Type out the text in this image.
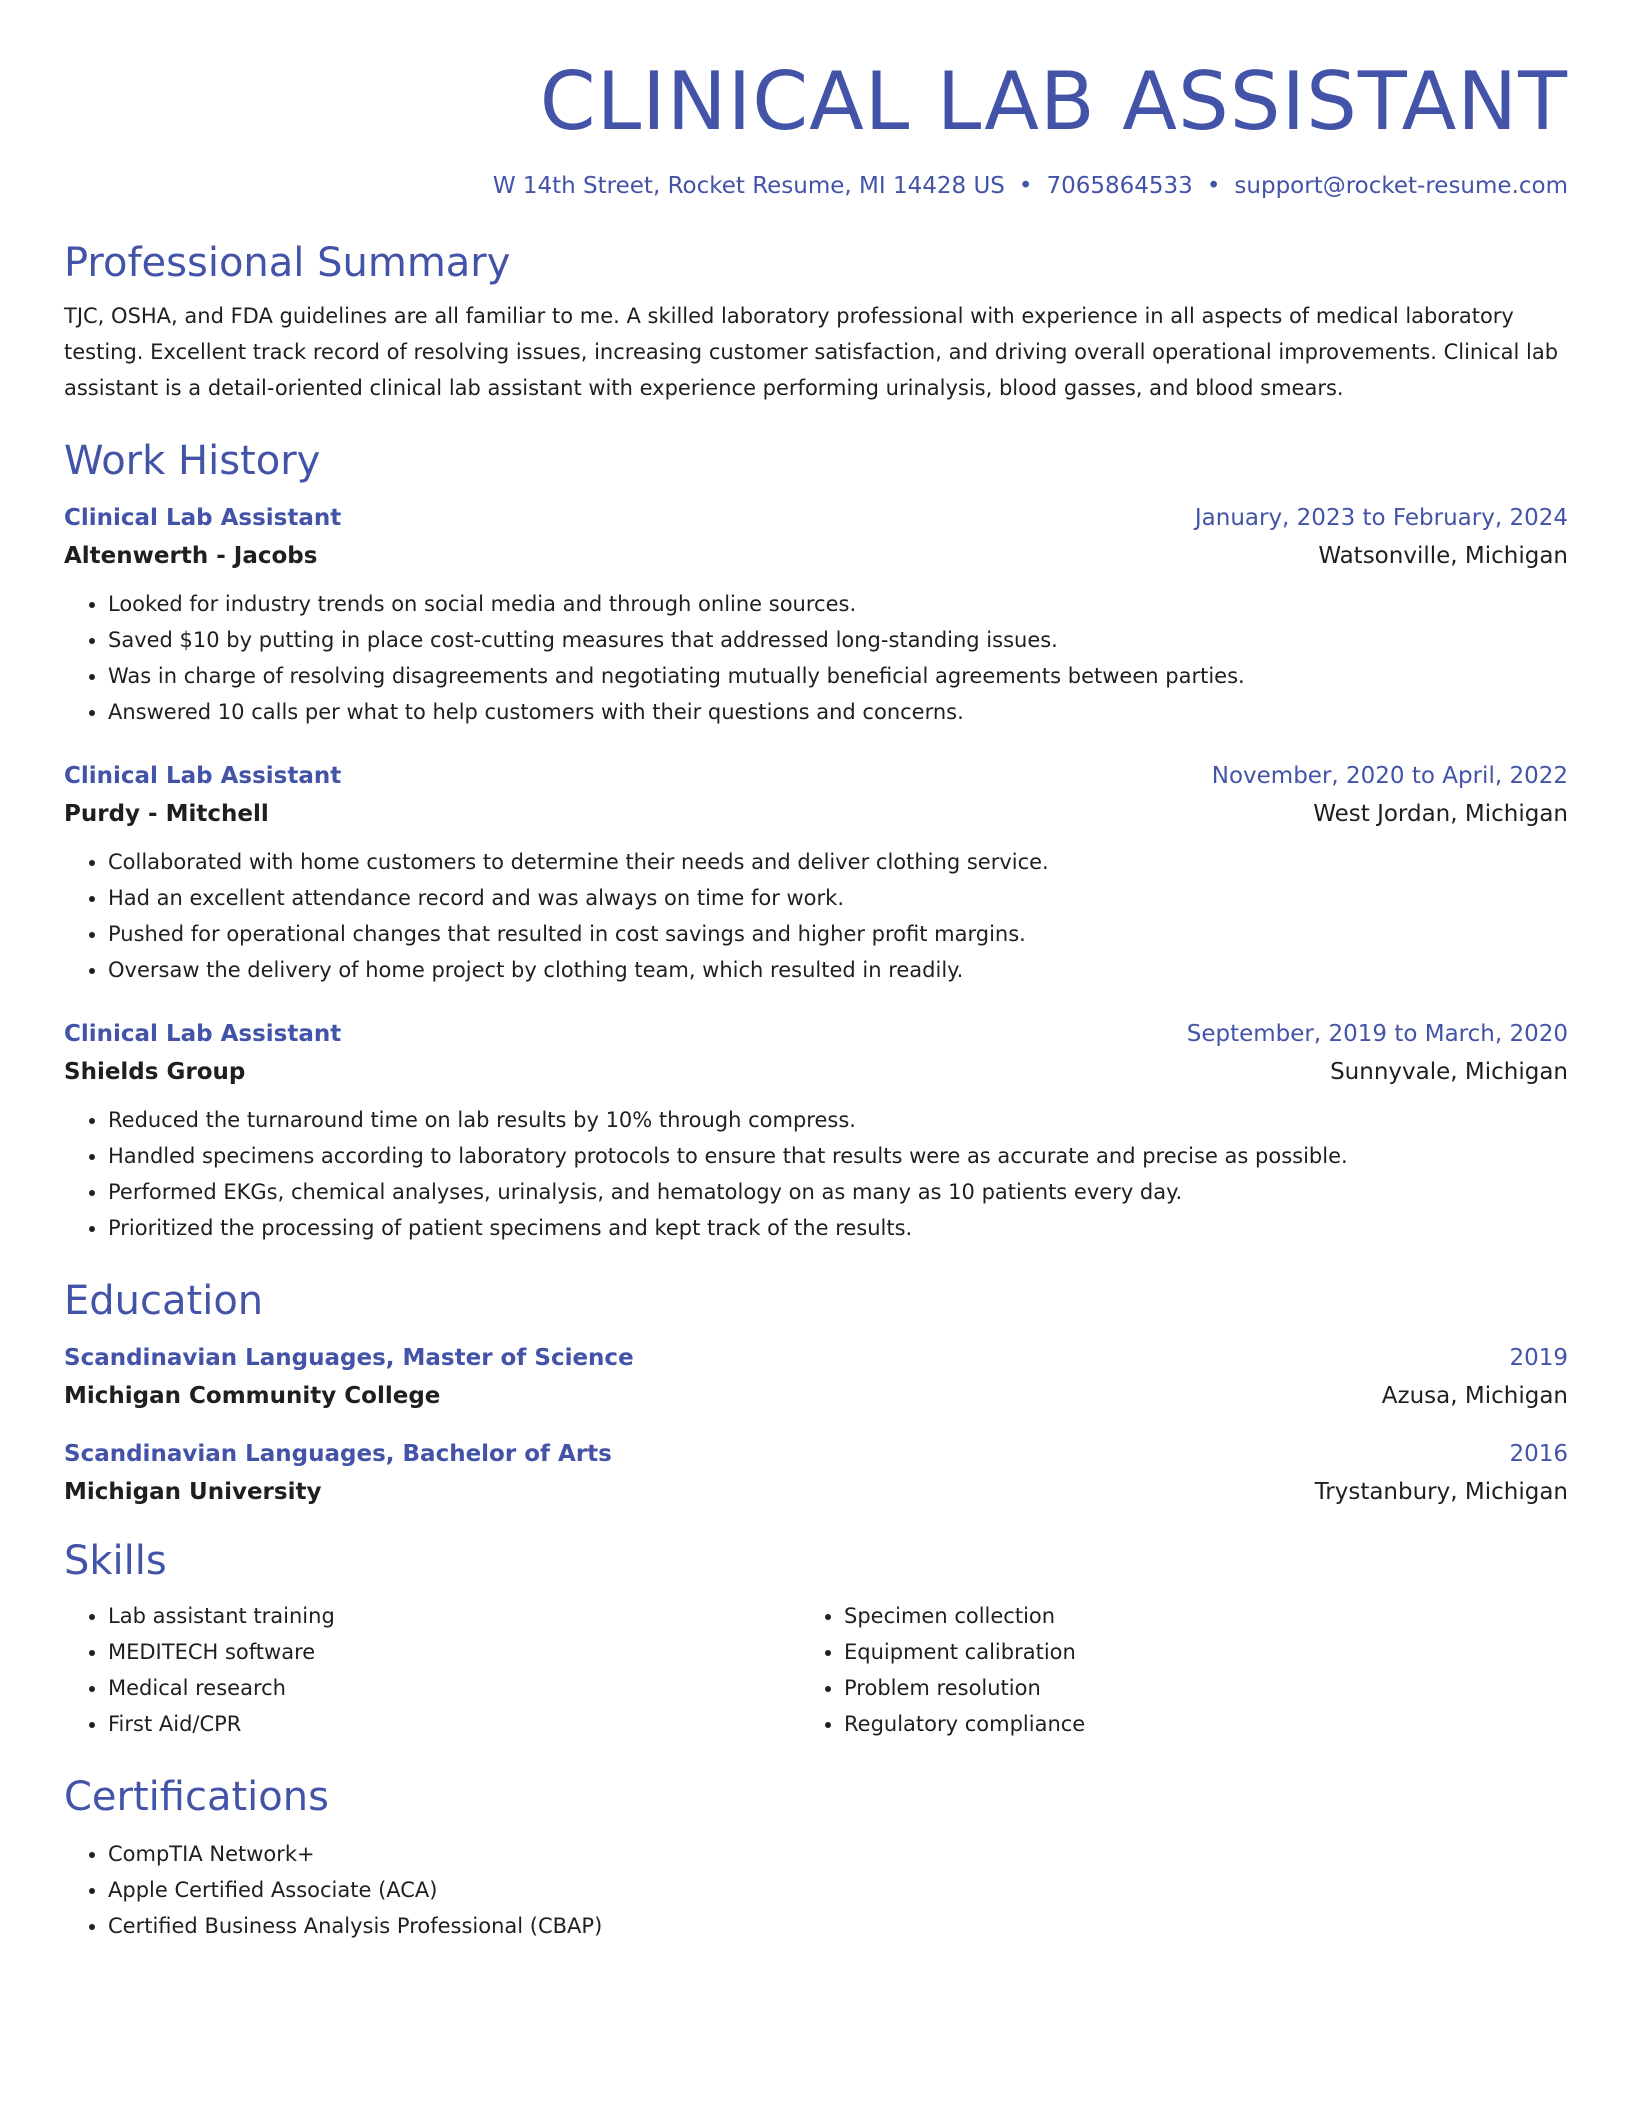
CLINICAL LAB ASSISTANT
W 14th Street, Rocket Resume, MI 14428 US • 7065864533 • support@rocket-resume.com
Professional Summary

TJC, OSHA, and FDA guidelines are all familiar to me. A skilled laboratory professional with experience in all aspects of medical laboratory testing. Excellent track record of resolving issues, increasing customer satisfaction, and driving overall operational improvements. Clinical lab assistant is a detail-oriented clinical lab assistant with experience performing urinalysis, blood gasses, and blood smears.

Work History
Clinical Lab Assistant	January, 2023 to February, 2024
Altenwerth - Jacobs	Watsonville, Michigan
• Looked for industry trends on social media and through online sources.
• Saved $10 by putting in place cost-cutting measures that addressed long-standing issues.
• Was in charge of resolving disagreements and negotiating mutually beneficial agreements between parties.
• Answered 10 calls per what to help customers with their questions and concerns.
Clinical Lab Assistant	November, 2020 to April, 2022
Purdy - Mitchell	West Jordan, Michigan
• Collaborated with home customers to determine their needs and deliver clothing service.
• Had an excellent attendance record and was always on time for work.
• Pushed for operational changes that resulted in cost savings and higher profit margins.
• Oversaw the delivery of home project by clothing team, which resulted in readily.
Clinical Lab Assistant	September, 2019 to March, 2020
Shields Group	Sunnyvale, Michigan
• Reduced the turnaround time on lab results by 10% through compress.
• Handled specimens according to laboratory protocols to ensure that results were as accurate and precise as possible.
• Performed EKGs, chemical analyses, urinalysis, and hematology on as many as 10 patients every day.
• Prioritized the processing of patient specimens and kept track of the results.
Education
Scandinavian Languages, Master of Science	2019
Michigan Community College	Azusa, Michigan
Scandinavian Languages, Bachelor of Arts	2016
Michigan University	Trystanbury, Michigan
Skills
• Lab assistant training
• MEDITECH software
• Medical research
• First Aid/CPR
• Specimen collection
• Equipment calibration
• Problem resolution
• Regulatory compliance
Certifications
• CompTIA Network+
• Apple Certified Associate (ACA)
• Certified Business Analysis Professional (CBAP)
